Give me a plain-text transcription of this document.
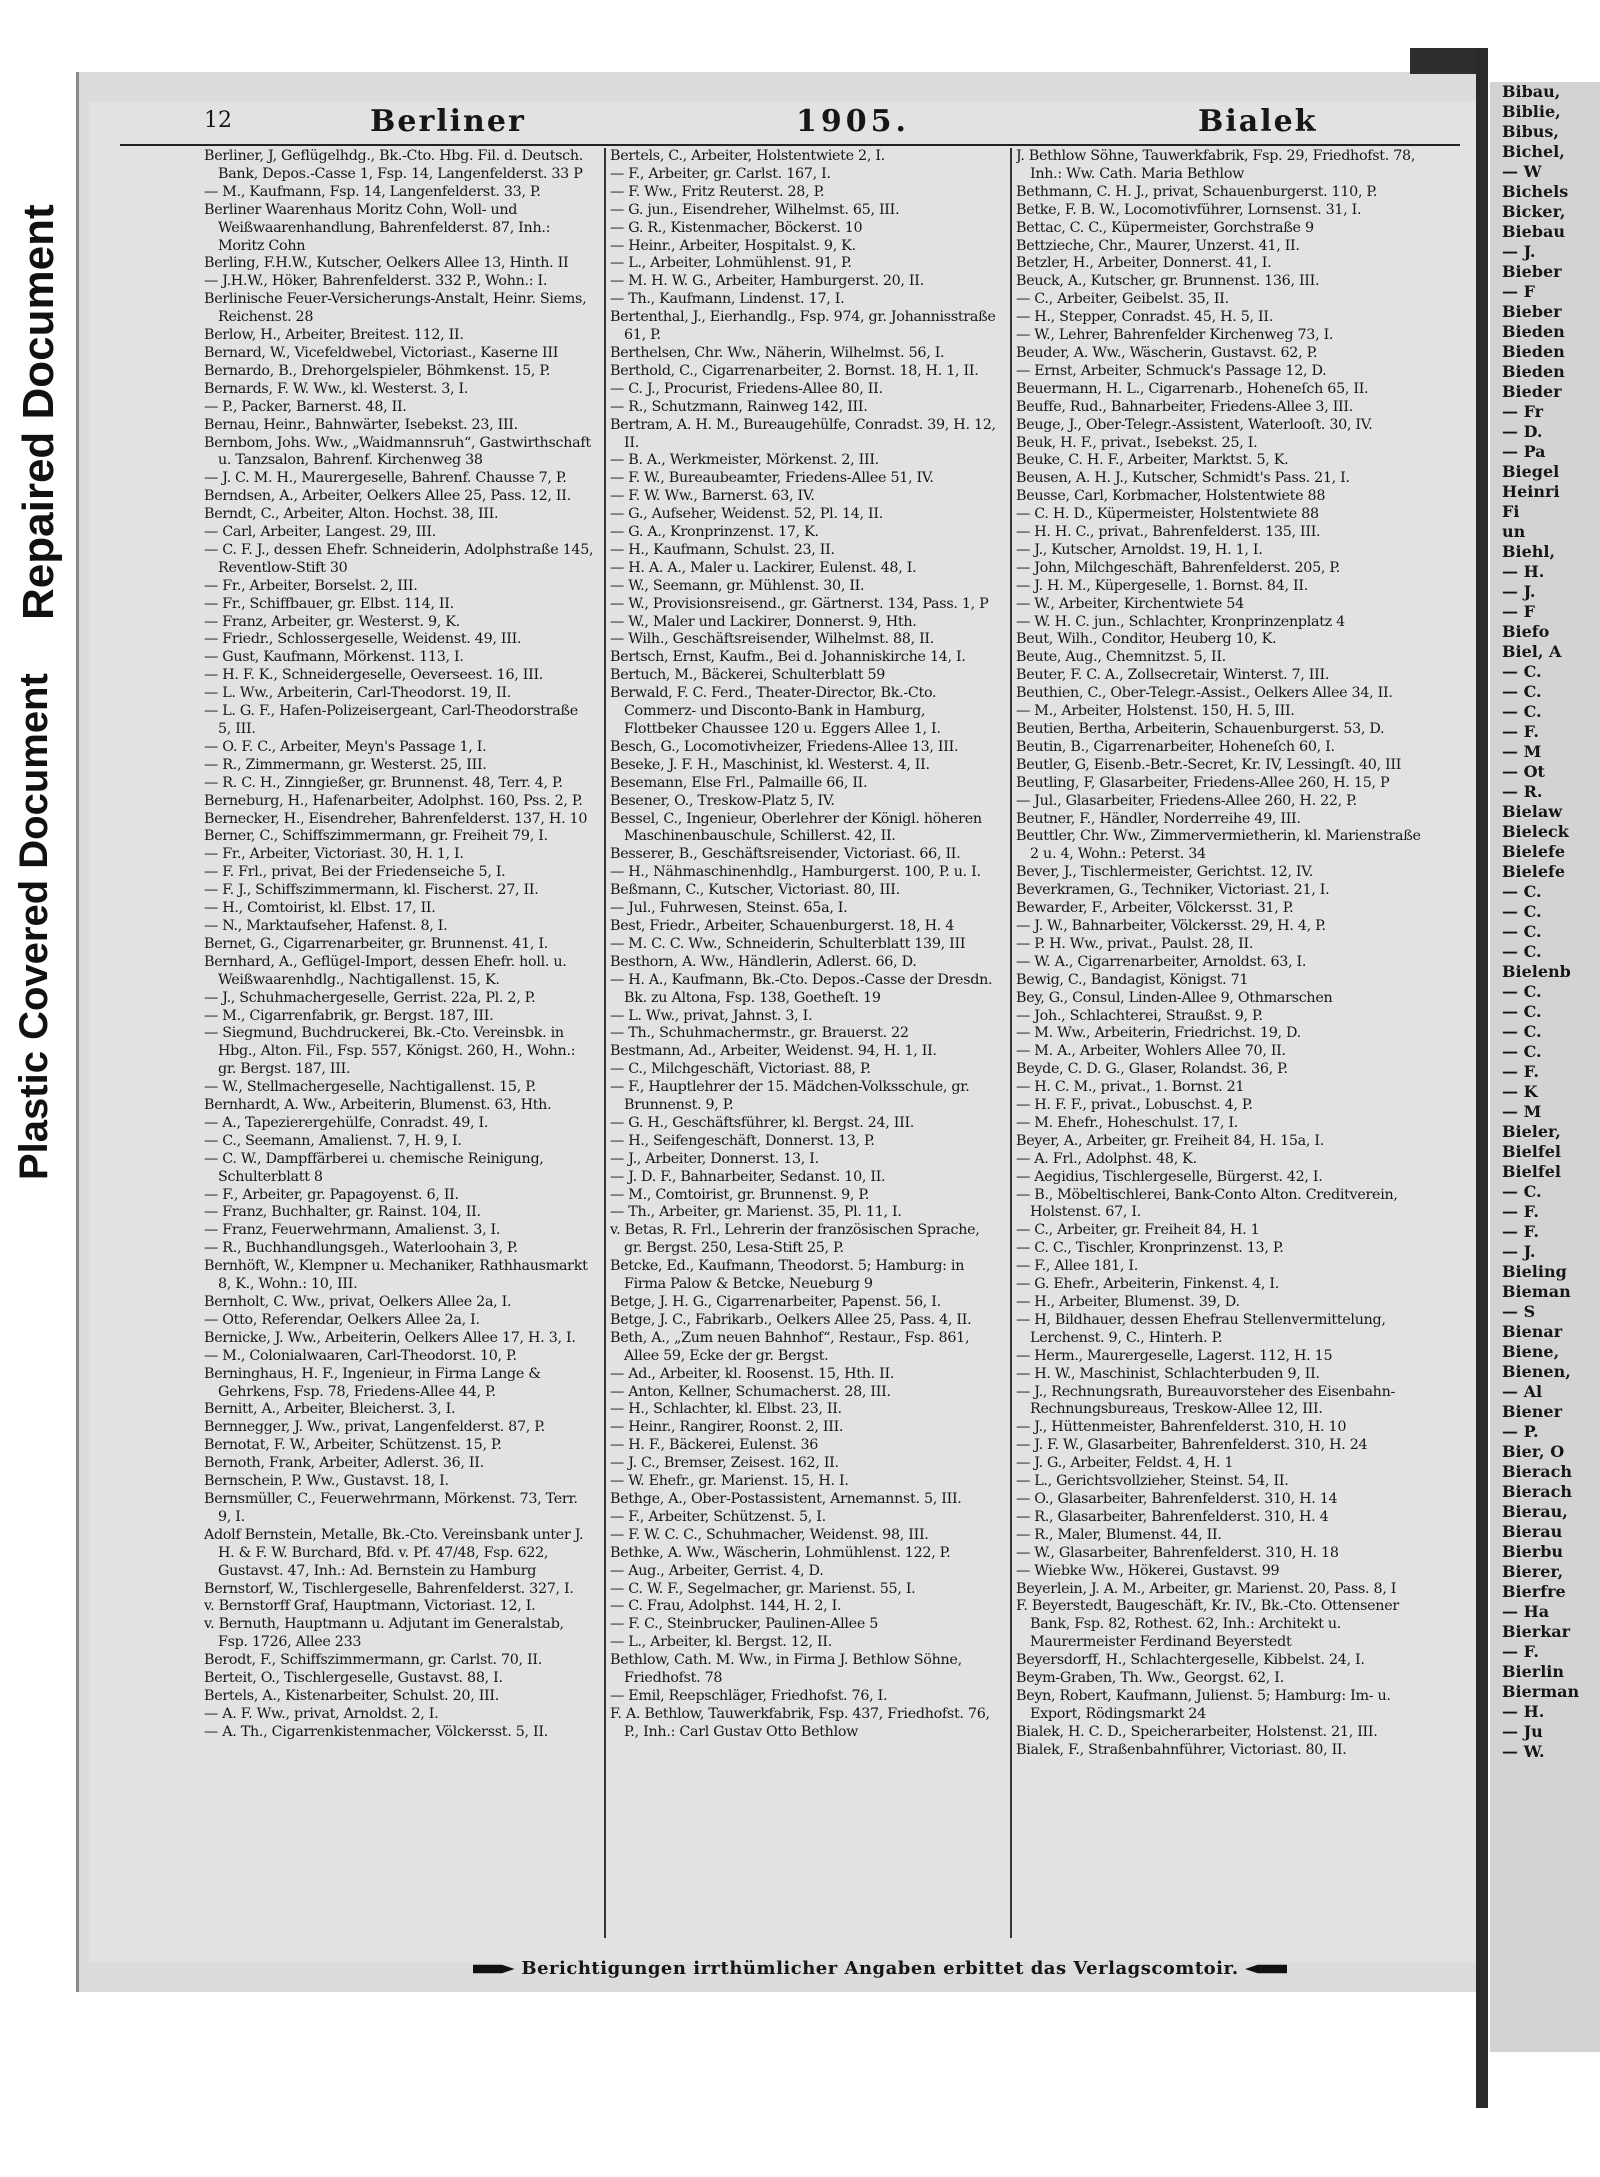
Repaired Document
Plastic Covered Document
Bibau,
Biblie,
Bibus,
Bichel,
— W
Bichels
Bicker,
Biebau
— J.
Bieber
— F
Bieber
Bieden
Bieden
Bieden
Bieder
— Fr
— D.
— Pa
Biegel
Heinri
Fi
un
Biehl,
— H.
— J.
— F
Biefo
Biel, A
— C.
— C.
— C.
— F.
— M
— Ot
— R.
Bielaw
Bieleck
Bielefe
Bielefe
— C.
— C.
— C.
— C.
Bielenb
— C.
— C.
— C.
— C.
— F.
— K
— M
Bieler,
Bielfel
Bielfel
— C.
— F.
— F.
— J.
Bieling
Bieman
— S
Bienar
Biene,
Bienen,
— Al
Biener
— P.
Bier, O
Bierach
Bierach
Bierau,
Bierau
Bierbu
Bierer,
Bierfre
— Ha
Bierkar
— F.
Bierlin
Bierman
— H.
— Ju
— W.
12	Berliner	1905.	Bialek
Berliner, J, Geflügelhdg., Bk.-Cto. Hbg. Fil. d. Deutsch. Bank, Depos.-Casse 1, Fsp. 14, Langenfelderst. 33 P
— M., Kaufmann, Fsp. 14, Langenfelderst. 33, P.
Berliner Waarenhaus Moritz Cohn, Woll- und Weißwaarenhandlung, Bahrenfelderst. 87, Inh.: Moritz Cohn
Berling, F.H.W., Kutscher, Oelkers Allee 13, Hinth. II
— J.H.W., Höker, Bahrenfelderst. 332 P., Wohn.: I.
Berlinische Feuer-Versicherungs-Anstalt, Heinr. Siems, Reichenst. 28
Berlow, H., Arbeiter, Breitest. 112, II.
Bernard, W., Vicefeldwebel, Victoriast., Kaserne III
Bernardo, B., Drehorgelspieler, Böhmkenst. 15, P.
Bernards, F. W. Ww., kl. Westerst. 3, I.
— P., Packer, Barnerst. 48, II.
Bernau, Heinr., Bahnwärter, Isebekst. 23, III.
Bernbom, Johs. Ww., „Waidmannsruh“, Gastwirthschaft u. Tanzsalon, Bahrenf. Kirchenweg 38
— J. C. M. H., Maurergeselle, Bahrenf. Chausse 7, P.
Berndsen, A., Arbeiter, Oelkers Allee 25, Pass. 12, II.
Berndt, C., Arbeiter, Alton. Hochst. 38, III.
— Carl, Arbeiter, Langest. 29, III.
— C. F. J., dessen Ehefr. Schneiderin, Adolphstraße 145, Reventlow-Stift 30
— Fr., Arbeiter, Borselst. 2, III.
— Fr., Schiffbauer, gr. Elbst. 114, II.
— Franz, Arbeiter, gr. Westerst. 9, K.
— Friedr., Schlossergeselle, Weidenst. 49, III.
— Gust, Kaufmann, Mörkenst. 113, I.
— H. F. K., Schneidergeselle, Oeverseest. 16, III.
— L. Ww., Arbeiterin, Carl-Theodorst. 19, II.
— L. G. F., Hafen-Polizeisergeant, Carl-Theodorstraße 5, III.
— O. F. C., Arbeiter, Meyn's Passage 1, I.
— R., Zimmermann, gr. Westerst. 25, III.
— R. C. H., Zinngießer, gr. Brunnenst. 48, Terr. 4, P.
Berneburg, H., Hafenarbeiter, Adolphst. 160, Pss. 2, P.
Bernecker, H., Eisendreher, Bahrenfelderst. 137, H. 10
Berner, C., Schiffszimmermann, gr. Freiheit 79, I.
— Fr., Arbeiter, Victoriast. 30, H. 1, I.
— F. Frl., privat, Bei der Friedenseiche 5, I.
— F. J., Schiffszimmermann, kl. Fischerst. 27, II.
— H., Comtoirist, kl. Elbst. 17, II.
— N., Marktaufseher, Hafenst. 8, I.
Bernet, G., Cigarrenarbeiter, gr. Brunnenst. 41, I.
Bernhard, A., Geflügel-Import, dessen Ehefr. holl. u. Weißwaarenhdlg., Nachtigallenst. 15, K.
— J., Schuhmachergeselle, Gerrist. 22a, Pl. 2, P.
— M., Cigarrenfabrik, gr. Bergst. 187, III.
— Siegmund, Buchdruckerei, Bk.-Cto. Vereinsbk. in Hbg., Alton. Fil., Fsp. 557, Königst. 260, H., Wohn.: gr. Bergst. 187, III.
— W., Stellmachergeselle, Nachtigallenst. 15, P.
Bernhardt, A. Ww., Arbeiterin, Blumenst. 63, Hth.
— A., Tapezierergehülfe, Conradst. 49, I.
— C., Seemann, Amalienst. 7, H. 9, I.
— C. W., Dampffärberei u. chemische Reinigung, Schulterblatt 8
— F., Arbeiter, gr. Papagoyenst. 6, II.
— Franz, Buchhalter, gr. Rainst. 104, II.
— Franz, Feuerwehrmann, Amalienst. 3, I.
— R., Buchhandlungsgeh., Waterloohain 3, P.
Bernhöft, W., Klempner u. Mechaniker, Rathhausmarkt 8, K., Wohn.: 10, III.
Bernholt, C. Ww., privat, Oelkers Allee 2a, I.
— Otto, Referendar, Oelkers Allee 2a, I.
Bernicke, J. Ww., Arbeiterin, Oelkers Allee 17, H. 3, I.
— M., Colonialwaaren, Carl-Theodorst. 10, P.
Berninghaus, H. F., Ingenieur, in Firma Lange & Gehrkens, Fsp. 78, Friedens-Allee 44, P.
Bernitt, A., Arbeiter, Bleicherst. 3, I.
Bernnegger, J. Ww., privat, Langenfelderst. 87, P.
Bernotat, F. W., Arbeiter, Schützenst. 15, P.
Bernoth, Frank, Arbeiter, Adlerst. 36, II.
Bernschein, P. Ww., Gustavst. 18, I.
Bernsmüller, C., Feuerwehrmann, Mörkenst. 73, Terr. 9, I.
Adolf Bernstein, Metalle, Bk.-Cto. Vereinsbank unter J. H. & F. W. Burchard, Bfd. v. Pf. 47/48, Fsp. 622, Gustavst. 47, Inh.: Ad. Bernstein zu Hamburg
Bernstorf, W., Tischlergeselle, Bahrenfelderst. 327, I.
v. Bernstorff Graf, Hauptmann, Victoriast. 12, I.
v. Bernuth, Hauptmann u. Adjutant im Generalstab, Fsp. 1726, Allee 233
Berodt, F., Schiffszimmermann, gr. Carlst. 70, II.
Berteit, O., Tischlergeselle, Gustavst. 88, I.
Bertels, A., Kistenarbeiter, Schulst. 20, III.
— A. F. Ww., privat, Arnoldst. 2, I.
— A. Th., Cigarrenkistenmacher, Völckersst. 5, II.
Bertels, C., Arbeiter, Holstentwiete 2, I.
— F., Arbeiter, gr. Carlst. 167, I.
— F. Ww., Fritz Reuterst. 28, P.
— G. jun., Eisendreher, Wilhelmst. 65, III.
— G. R., Kistenmacher, Böckerst. 10
— Heinr., Arbeiter, Hospitalst. 9, K.
— L., Arbeiter, Lohmühlenst. 91, P.
— M. H. W. G., Arbeiter, Hamburgerst. 20, II.
— Th., Kaufmann, Lindenst. 17, I.
Bertenthal, J., Eierhandlg., Fsp. 974, gr. Johannisstraße 61, P.
Berthelsen, Chr. Ww., Näherin, Wilhelmst. 56, I.
Berthold, C., Cigarrenarbeiter, 2. Bornst. 18, H. 1, II.
— C. J., Procurist, Friedens-Allee 80, II.
— R., Schutzmann, Rainweg 142, III.
Bertram, A. H. M., Bureaugehülfe, Conradst. 39, H. 12, II.
— B. A., Werkmeister, Mörkenst. 2, III.
— F. W., Bureaubeamter, Friedens-Allee 51, IV.
— F. W. Ww., Barnerst. 63, IV.
— G., Aufseher, Weidenst. 52, Pl. 14, II.
— G. A., Kronprinzenst. 17, K.
— H., Kaufmann, Schulst. 23, II.
— H. A. A., Maler u. Lackirer, Eulenst. 48, I.
— W., Seemann, gr. Mühlenst. 30, II.
— W., Provisionsreisend., gr. Gärtnerst. 134, Pass. 1, P
— W., Maler und Lackirer, Donnerst. 9, Hth.
— Wilh., Geschäftsreisender, Wilhelmst. 88, II.
Bertsch, Ernst, Kaufm., Bei d. Johanniskirche 14, I.
Bertuch, M., Bäckerei, Schulterblatt 59
Berwald, F. C. Ferd., Theater-Director, Bk.-Cto. Commerz- und Disconto-Bank in Hamburg, Flottbeker Chaussee 120 u. Eggers Allee 1, I.
Besch, G., Locomotivheizer, Friedens-Allee 13, III.
Beseke, J. F. H., Maschinist, kl. Westerst. 4, II.
Besemann, Else Frl., Palmaille 66, II.
Besener, O., Treskow-Platz 5, IV.
Bessel, C., Ingenieur, Oberlehrer der Königl. höheren Maschinenbauschule, Schillerst. 42, II.
Besserer, B., Geschäftsreisender, Victoriast. 66, II.
— H., Nähmaschinenhdlg., Hamburgerst. 100, P. u. I.
Beßmann, C., Kutscher, Victoriast. 80, III.
— Jul., Fuhrwesen, Steinst. 65a, I.
Best, Friedr., Arbeiter, Schauenburgerst. 18, H. 4
— M. C. C. Ww., Schneiderin, Schulterblatt 139, III
Besthorn, A. Ww., Händlerin, Adlerst. 66, D.
— H. A., Kaufmann, Bk.-Cto. Depos.-Casse der Dresdn. Bk. zu Altona, Fsp. 138, Goetheſt. 19
— L. Ww., privat, Jahnst. 3, I.
— Th., Schuhmachermstr., gr. Brauerst. 22
Bestmann, Ad., Arbeiter, Weidenst. 94, H. 1, II.
— C., Milchgeschäft, Victoriast. 88, P.
— F., Hauptlehrer der 15. Mädchen-Volksschule, gr. Brunnenst. 9, P.
— G. H., Geschäftsführer, kl. Bergst. 24, III.
— H., Seifengeschäft, Donnerst. 13, P.
— J., Arbeiter, Donnerst. 13, I.
— J. D. F., Bahnarbeiter, Sedanst. 10, II.
— M., Comtoirist, gr. Brunnenst. 9, P.
— Th., Arbeiter, gr. Marienst. 35, Pl. 11, I.
v. Betas, R. Frl., Lehrerin der französischen Sprache, gr. Bergst. 250, Lesa-Stift 25, P.
Betcke, Ed., Kaufmann, Theodorst. 5; Hamburg: in Firma Palow & Betcke, Neueburg 9
Betge, J. H. G., Cigarrenarbeiter, Papenst. 56, I.
Betge, J. C., Fabrikarb., Oelkers Allee 25, Pass. 4, II.
Beth, A., „Zum neuen Bahnhof“, Restaur., Fsp. 861, Allee 59, Ecke der gr. Bergst.
— Ad., Arbeiter, kl. Roosenst. 15, Hth. II.
— Anton, Kellner, Schumacherst. 28, III.
— H., Schlachter, kl. Elbst. 23, II.
— Heinr., Rangirer, Roonst. 2, III.
— H. F., Bäckerei, Eulenst. 36
— J. C., Bremser, Zeisest. 162, II.
— W. Ehefr., gr. Marienst. 15, H. I.
Bethge, A., Ober-Postassistent, Arnemannst. 5, III.
— F., Arbeiter, Schützenst. 5, I.
— F. W. C. C., Schuhmacher, Weidenst. 98, III.
Bethke, A. Ww., Wäscherin, Lohmühlenst. 122, P.
— Aug., Arbeiter, Gerrist. 4, D.
— C. W. F., Segelmacher, gr. Marienst. 55, I.
— C. Frau, Adolphst. 144, H. 2, I.
— F. C., Steinbrucker, Paulinen-Allee 5
— L., Arbeiter, kl. Bergst. 12, II.
Bethlow, Cath. M. Ww., in Firma J. Bethlow Söhne, Friedhofst. 78
— Emil, Reepschläger, Friedhofst. 76, I.
F. A. Bethlow, Tauwerkfabrik, Fsp. 437, Friedhofst. 76, P., Inh.: Carl Gustav Otto Bethlow
J. Bethlow Söhne, Tauwerkfabrik, Fsp. 29, Friedhofst. 78, Inh.: Ww. Cath. Maria Bethlow
Bethmann, C. H. J., privat, Schauenburgerst. 110, P.
Betke, F. B. W., Locomotivführer, Lornsenst. 31, I.
Bettac, C. C., Küpermeister, Gorchstraße 9
Bettzieche, Chr., Maurer, Unzerst. 41, II.
Betzler, H., Arbeiter, Donnerst. 41, I.
Beuck, A., Kutscher, gr. Brunnenst. 136, III.
— C., Arbeiter, Geibelst. 35, II.
— H., Stepper, Conradst. 45, H. 5, II.
— W., Lehrer, Bahrenfelder Kirchenweg 73, I.
Beuder, A. Ww., Wäscherin, Gustavst. 62, P.
— Ernst, Arbeiter, Schmuck's Passage 12, D.
Beuermann, H. L., Cigarrenarb., Hoheneſch 65, II.
Beuffe, Rud., Bahnarbeiter, Friedens-Allee 3, III.
Beuge, J., Ober-Telegr.-Assistent, Waterlooſt. 30, IV.
Beuk, H. F., privat., Isebekst. 25, I.
Beuke, C. H. F., Arbeiter, Marktst. 5, K.
Beusen, A. H. J., Kutscher, Schmidt's Pass. 21, I.
Beusse, Carl, Korbmacher, Holstentwiete 88
— C. H. D., Küpermeister, Holstentwiete 88
— H. H. C., privat., Bahrenfelderst. 135, III.
— J., Kutscher, Arnoldst. 19, H. 1, I.
— John, Milchgeschäft, Bahrenfelderst. 205, P.
— J. H. M., Küpergeselle, 1. Bornst. 84, II.
— W., Arbeiter, Kirchentwiete 54
— W. H. C. jun., Schlachter, Kronprinzenplatz 4
Beut, Wilh., Conditor, Heuberg 10, K.
Beute, Aug., Chemnitzst. 5, II.
Beuter, F. C. A., Zollsecretair, Winterst. 7, III.
Beuthien, C., Ober-Telegr.-Assist., Oelkers Allee 34, II.
— M., Arbeiter, Holstenst. 150, H. 5, III.
Beutien, Bertha, Arbeiterin, Schauenburgerst. 53, D.
Beutin, B., Cigarrenarbeiter, Hoheneſch 60, I.
Beutler, G, Eisenb.-Betr.-Secret, Kr. IV, Lessingſt. 40, III
Beutling, F, Glasarbeiter, Friedens-Allee 260, H. 15, P
— Jul., Glasarbeiter, Friedens-Allee 260, H. 22, P.
Beutner, F., Händler, Norderreihe 49, III.
Beuttler, Chr. Ww., Zimmervermietherin, kl. Marienstraße 2 u. 4, Wohn.: Peterst. 34
Bever, J., Tischlermeister, Gerichtst. 12, IV.
Beverkramen, G., Techniker, Victoriast. 21, I.
Bewarder, F., Arbeiter, Völckersst. 31, P.
— J. W., Bahnarbeiter, Völckersst. 29, H. 4, P.
— P. H. Ww., privat., Paulst. 28, II.
— W. A., Cigarrenarbeiter, Arnoldst. 63, I.
Bewig, C., Bandagist, Königst. 71
Bey, G., Consul, Linden-Allee 9, Othmarschen
— Joh., Schlachterei, Straußst. 9, P.
— M. Ww., Arbeiterin, Friedrichst. 19, D.
— M. A., Arbeiter, Wohlers Allee 70, II.
Beyde, C. D. G., Glaser, Rolandst. 36, P.
— H. C. M., privat., 1. Bornst. 21
— H. F. F., privat., Lobuschst. 4, P.
— M. Ehefr., Hoheschulst. 17, I.
Beyer, A., Arbeiter, gr. Freiheit 84, H. 15a, I.
— A. Frl., Adolphst. 48, K.
— Aegidius, Tischlergeselle, Bürgerst. 42, I.
— B., Möbeltischlerei, Bank-Conto Alton. Creditverein, Holstenst. 67, I.
— C., Arbeiter, gr. Freiheit 84, H. 1
— C. C., Tischler, Kronprinzenst. 13, P.
— F., Allee 181, I.
— G. Ehefr., Arbeiterin, Finkenst. 4, I.
— H., Arbeiter, Blumenst. 39, D.
— H, Bildhauer, dessen Ehefrau Stellenvermittelung, Lerchenst. 9, C., Hinterh. P.
— Herm., Maurergeselle, Lagerst. 112, H. 15
— H. W., Maschinist, Schlachterbuden 9, II.
— J., Rechnungsrath, Bureauvorsteher des Eisenbahn-Rechnungsbureaus, Treskow-Allee 12, III.
— J., Hüttenmeister, Bahrenfelderst. 310, H. 10
— J. F. W., Glasarbeiter, Bahrenfelderst. 310, H. 24
— J. G., Arbeiter, Feldst. 4, H. 1
— L., Gerichtsvollzieher, Steinst. 54, II.
— O., Glasarbeiter, Bahrenfelderst. 310, H. 14
— R., Glasarbeiter, Bahrenfelderst. 310, H. 4
— R., Maler, Blumenst. 44, II.
— W., Glasarbeiter, Bahrenfelderst. 310, H. 18
— Wiebke Ww., Hökerei, Gustavst. 99
Beyerlein, J. A. M., Arbeiter, gr. Marienst. 20, Pass. 8, I
F. Beyerstedt, Baugeschäft, Kr. IV., Bk.-Cto. Ottensener Bank, Fsp. 82, Rothest. 62, Inh.: Architekt u. Maurermeister Ferdinand Beyerstedt
Beyersdorff, H., Schlachtergeselle, Kibbelst. 24, I.
Beym-Graben, Th. Ww., Georgst. 62, I.
Beyn, Robert, Kaufmann, Julienst. 5; Hamburg: Im- u. Export, Rödingsmarkt 24
Bialek, H. C. D., Speicherarbeiter, Holstenst. 21, III.
Bialek, F., Straßenbahnführer, Victoriast. 80, II.
Berichtigungen irrthümlicher Angaben erbittet das Verlagscomtoir.
